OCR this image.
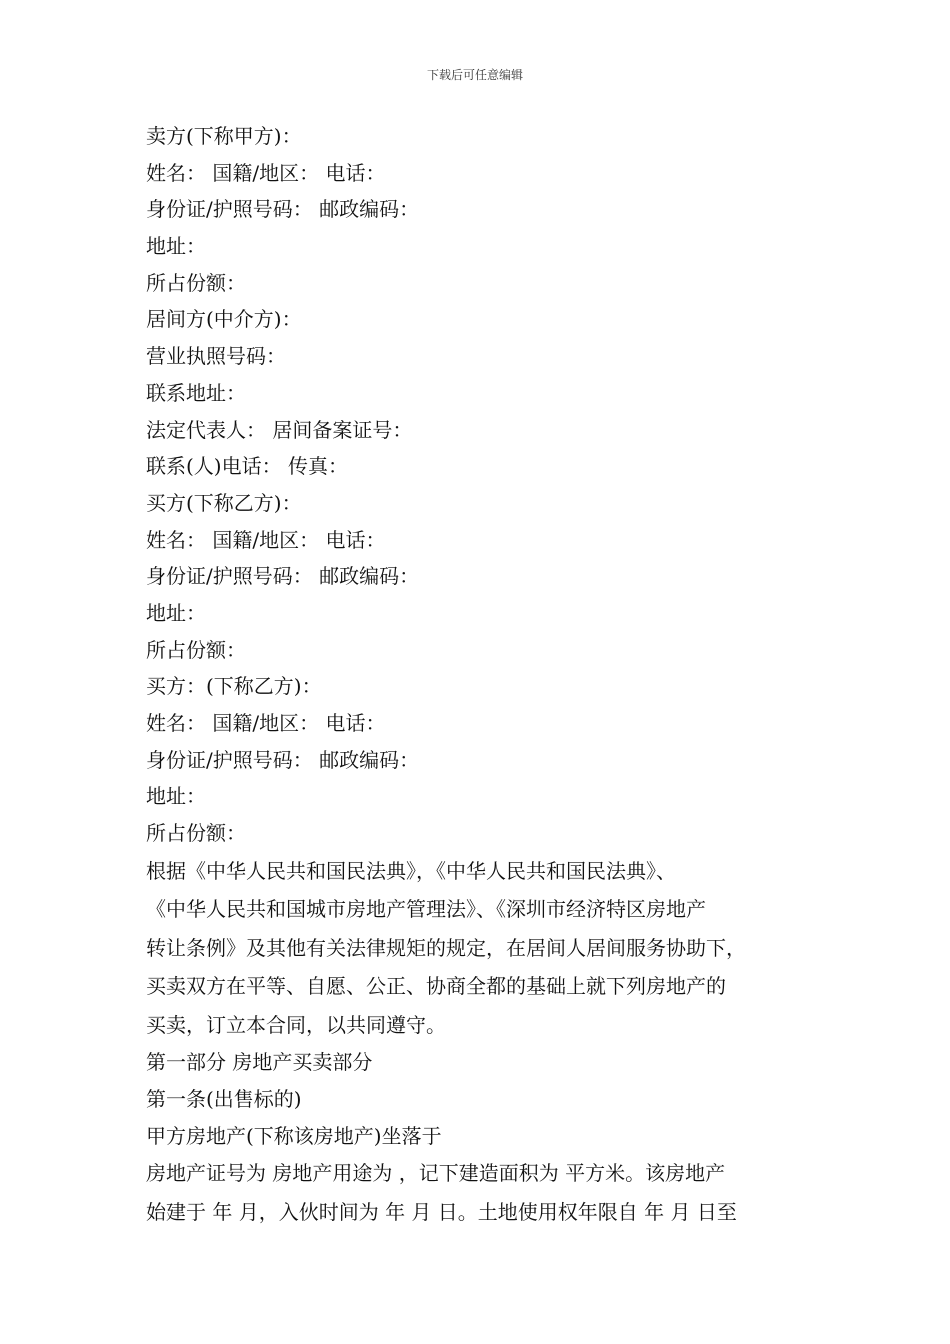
下载后可任意编辑
卖方(下称甲方)：
姓名： 国籍/地区： 电话：
身份证/护照号码： 邮政编码：
地址：
所占份额：
居间方(中介方)：
营业执照号码：
联系地址：
法定代表人： 居间备案证号：
联系(人)电话： 传真：
买方(下称乙方)：
姓名： 国籍/地区： 电话：
身份证/护照号码： 邮政编码：
地址：
所占份额：
买方：(下称乙方)：
姓名： 国籍/地区： 电话：
身份证/护照号码： 邮政编码：
地址：
所占份额：
根据《中华人民共和国民法典》，《中华人民共和国民法典》、
《中华人民共和国城市房地产管理法》、《深圳市经济特区房地产
转让条例》及其他有关法律规矩的规定，在居间人居间服务协助下，
买卖双方在平等、自愿、公正、协商全都的基础上就下列房地产的
买卖，订立本合同，以共同遵守。
第一部分 房地产买卖部分
第一条(出售标的)
甲方房地产(下称该房地产)坐落于
房地产证号为 房地产用途为 ，记下建造面积为 平方米。该房地产
始建于 年 月，入伙时间为 年 月 日。土地使用权年限自 年 月 日至
